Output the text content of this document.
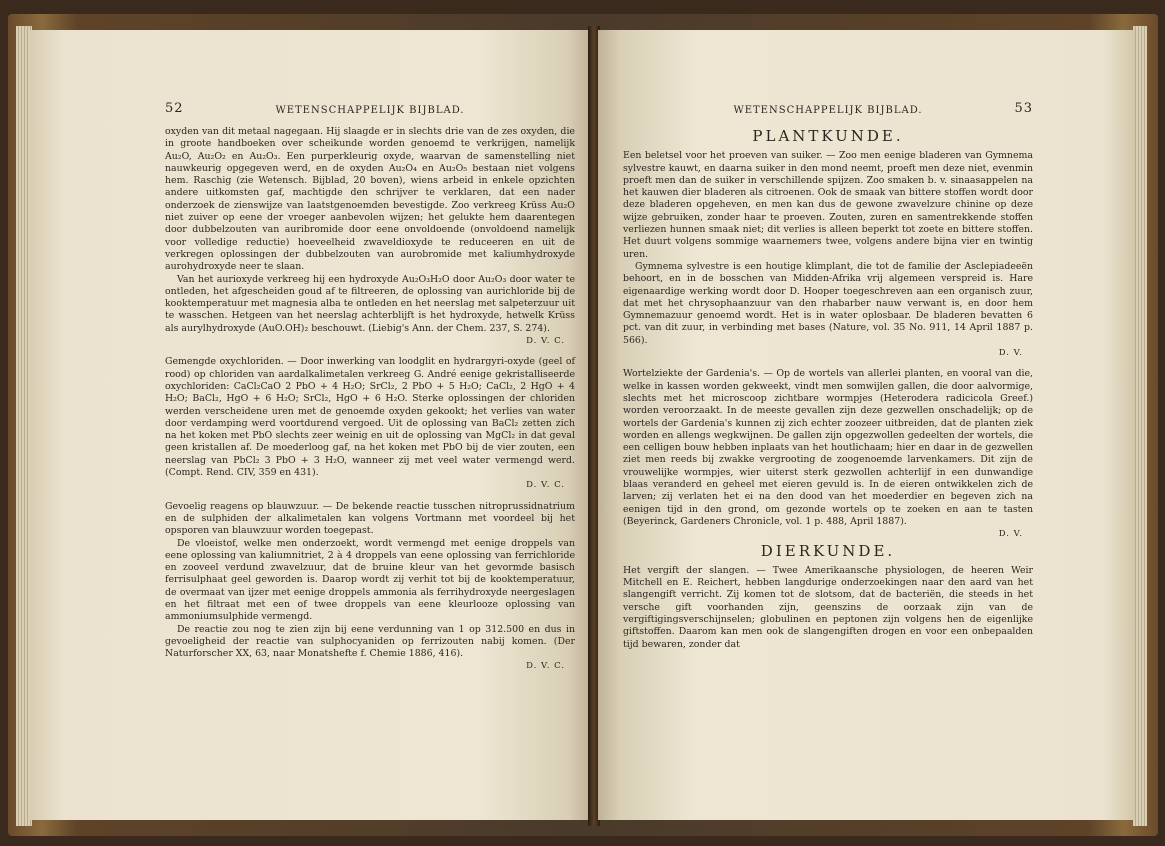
52	WETENSCHAPPELIJK BIJBLAD.

oxyden van dit metaal nagegaan. Hij slaagde er in slechts drie van de zes oxyden, die in groote handboeken over scheikunde worden genoemd te verkrijgen, namelijk Au₂O, Au₂O₂ en Au₂O₃. Een purperkleurig oxyde, waarvan de samenstelling niet nauwkeurig opgegeven werd, en de oxyden Au₂O₄ en Au₂O₅ bestaan niet volgens hem. Raschig (zie Wetensch. Bijblad, 20 boven), wiens arbeid in enkele opzichten andere uitkomsten gaf, machtigde den schrijver te verklaren, dat een nader onderzoek de zienswijze van laatstgenoemden bevestigde. Zoo verkreeg Krüss Au₂O niet zuiver op eene der vroeger aanbevolen wijzen; het gelukte hem daarentegen door dubbelzouten van auribromide door eene onvoldoende (onvoldoend namelijk voor volledige reductie) hoeveelheid zwaveldioxyde te reduceeren en uit de verkregen oplossingen der dubbelzouten van aurobromide met kaliumhydroxyde aurohydroxyde neer te slaan.

Van het aurioxyde verkreeg hij een hydroxyde Au₂O₃H₂O door Au₂O₃ door water te ontleden, het afgescheiden goud af te filtreeren, de oplossing van aurichloride bij de kooktemperatuur met magnesia alba te ontleden en het neerslag met salpeterzuur uit te wasschen. Hetgeen van het neerslag achterblijft is het hydroxyde, hetwelk Krüss als aurylhydroxyde (AuO.OH)₂ beschouwt. (Liebig's Ann. der Chem. 237, S. 274).

D. V. C.

Gemengde oxychloriden. — Door inwerking van loodglit en hydrargyri-oxyde (geel of rood) op chloriden van aardalkalimetalen verkreeg G. André eenige gekristalliseerde oxychloriden: CaCl₂CaO 2 PbO + 4 H₂O; SrCl₂, 2 PbO + 5 H₂O; CaCl₂, 2 HgO + 4 H₂O; BaCl₂, HgO + 6 H₂O; SrCl₂, HgO + 6 H₂O. Sterke oplossingen der chloriden werden verscheidene uren met de genoemde oxyden gekookt; het verlies van water door verdamping werd voortdurend vergoed. Uit de oplossing van BaCl₂ zetten zich na het koken met PbO slechts zeer weinig en uit de oplossing van MgCl₂ in dat geval geen kristallen af. De moederloog gaf, na het koken met PbO bij de vier zouten, een neerslag van PbCl₂ 3 PbO + 3 H₂O, wanneer zij met veel water vermengd werd. (Compt. Rend. CIV, 359 en 431).

D. V. C.

Gevoelig reagens op blauwzuur. — De bekende reactie tusschen nitroprussidnatrium en de sulphiden der alkalimetalen kan volgens Vortmann met voordeel bij het opsporen van blauwzuur worden toegepast.

De vloeistof, welke men onderzoekt, wordt vermengd met eenige droppels van eene oplossing van kaliumnitriet, 2 à 4 droppels van eene oplossing van ferrichloride en zooveel verdund zwavelzuur, dat de bruine kleur van het gevormde basisch ferrisulphaat geel geworden is. Daarop wordt zij verhit tot bij de kooktemperatuur, de overmaat van ijzer met eenige droppels ammonia als ferrihydroxyde neergeslagen en het filtraat met een of twee droppels van eene kleurlooze oplossing van ammoniumsulphide vermengd.

De reactie zou nog te zien zijn bij eene verdunning van 1 op 312.500 en dus in gevoeligheid der reactie van sulphocyaniden op ferrizouten nabij komen. (Der Naturforscher XX, 63, naar Monatshefte f. Chemie 1886, 416).

D. V. C.
WETENSCHAPPELIJK BIJBLAD.	53
PLANTKUNDE.

Een beletsel voor het proeven van suiker. — Zoo men eenige bladeren van Gymnema sylvestre kauwt, en daarna suiker in den mond neemt, proeft men deze niet, evenmin proeft men dan de suiker in verschillende spijzen. Zoo smaken b. v. sinaasappelen na het kauwen dier bladeren als citroenen. Ook de smaak van bittere stoffen wordt door deze bladeren opgeheven, en men kan dus de gewone zwavelzure chinine op deze wijze gebruiken, zonder haar te proeven. Zouten, zuren en samentrekkende stoffen verliezen hunnen smaak niet; dit verlies is alleen beperkt tot zoete en bittere stoffen. Het duurt volgens sommige waarnemers twee, volgens andere bijna vier en twintig uren.

Gymnema sylvestre is een houtige klimplant, die tot de familie der Asclepiadeeën behoort, en in de bosschen van Midden-Afrika vrij algemeen verspreid is. Hare eigenaardige werking wordt door D. Hooper toegeschreven aan een organisch zuur, dat met het chrysophaanzuur van den rhabarber nauw verwant is, en door hem Gymnemazuur genoemd wordt. Het is in water oplosbaar. De bladeren bevatten 6 pct. van dit zuur, in verbinding met bases (Nature, vol. 35 No. 911, 14 April 1887 p. 566).

D. V.

Wortelziekte der Gardenia's. — Op de wortels van allerlei planten, en vooral van die, welke in kassen worden gekweekt, vindt men somwijlen gallen, die door aalvormige, slechts met het microscoop zichtbare wormpjes (Heterodera radicicola Greef.) worden veroorzaakt. In de meeste gevallen zijn deze gezwellen onschadelijk; op de wortels der Gardenia's kunnen zij zich echter zoozeer uitbreiden, dat de planten ziek worden en allengs wegkwijnen. De gallen zijn opgezwollen gedeelten der wortels, die een celligen bouw hebben inplaats van het houtlichaam; hier en daar in de gezwellen ziet men reeds bij zwakke vergrooting de zoogenoemde larvenkamers. Dit zijn de vrouwelijke wormpjes, wier uiterst sterk gezwollen achterlijf in een dunwandige blaas veranderd en geheel met eieren gevuld is. In de eieren ontwikkelen zich de larven; zij verlaten het ei na den dood van het moederdier en begeven zich na eenigen tijd in den grond, om gezonde wortels op te zoeken en aan te tasten (Beyerinck, Gardeners Chronicle, vol. 1 p. 488, April 1887).

D. V.
DIERKUNDE.

Het vergift der slangen. — Twee Amerikaansche physiologen, de heeren Weir Mitchell en E. Reichert, hebben langdurige onderzoekingen naar den aard van het slangengift verricht. Zij komen tot de slotsom, dat de bacteriën, die steeds in het versche gift voorhanden zijn, geenszins de oorzaak zijn van de vergiftigingsverschijnselen; globulinen en peptonen zijn volgens hen de eigenlijke giftstoffen. Daarom kan men ook de slangengiften drogen en voor een onbepaalden tijd bewaren, zonder dat
